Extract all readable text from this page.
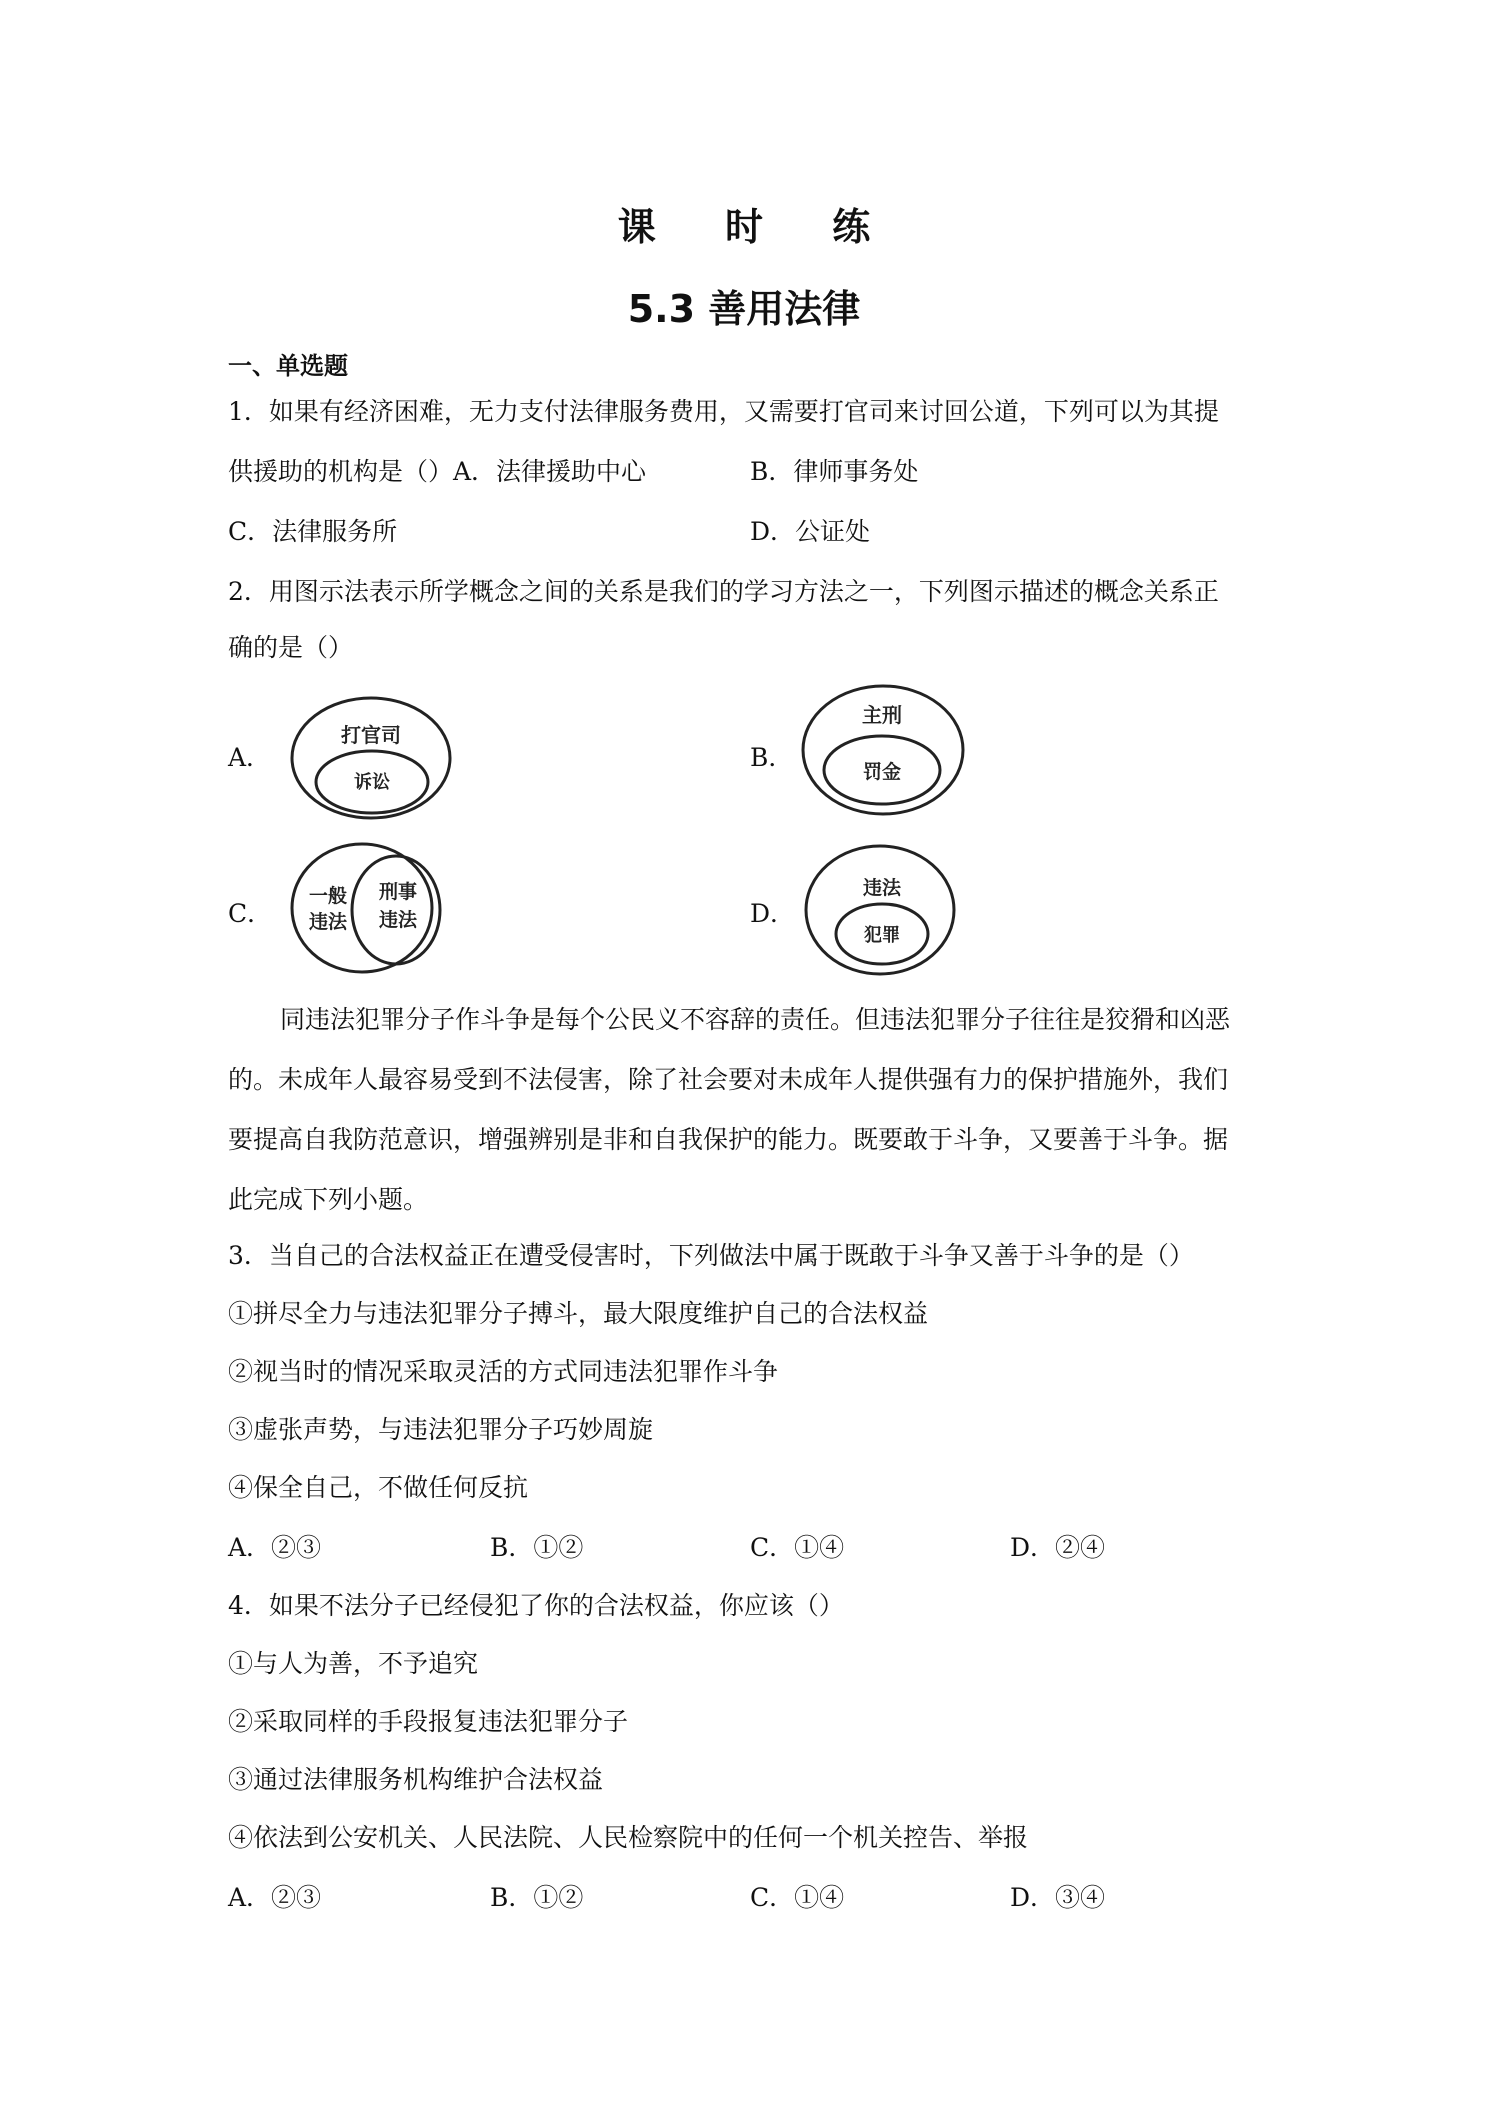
课 时 练
5.3 善用法律
一、单选题
1．如果有经济困难，无力支付法律服务费用，又需要打官司来讨回公道，下列可以为其提
供援助的机构是（）A．法律援助中心	B．律师事务处
C．法律服务所	D．公证处
2．用图示法表示所学概念之间的关系是我们的学习方法之一，下列图示描述的概念关系正
确的是（）
A．
打官司
诉讼
B．
主刑
罚金
C．
一般
违法
刑事
违法	D．
违法
犯罪
同违法犯罪分子作斗争是每个公民义不容辞的责任。但违法犯罪分子往往是狡猾和凶恶
的。未成年人最容易受到不法侵害，除了社会要对未成年人提供强有力的保护措施外，我们
要提高自我防范意识，增强辨别是非和自我保护的能力。既要敢于斗争，又要善于斗争。据
此完成下列小题。
3．当自己的合法权益正在遭受侵害时，下列做法中属于既敢于斗争又善于斗争的是（）
①拼尽全力与违法犯罪分子搏斗，最大限度维护自己的合法权益
②视当时的情况采取灵活的方式同违法犯罪作斗争
③虚张声势，与违法犯罪分子巧妙周旋
④保全自己，不做任何反抗
A．②③	B．①②	C．①④	D．②④
4．如果不法分子已经侵犯了你的合法权益，你应该（）
①与人为善，不予追究
②采取同样的手段报复违法犯罪分子
③通过法律服务机构维护合法权益
④依法到公安机关、人民法院、人民检察院中的任何一个机关控告、举报
A．②③	B．①②	C．①④	D．③④
